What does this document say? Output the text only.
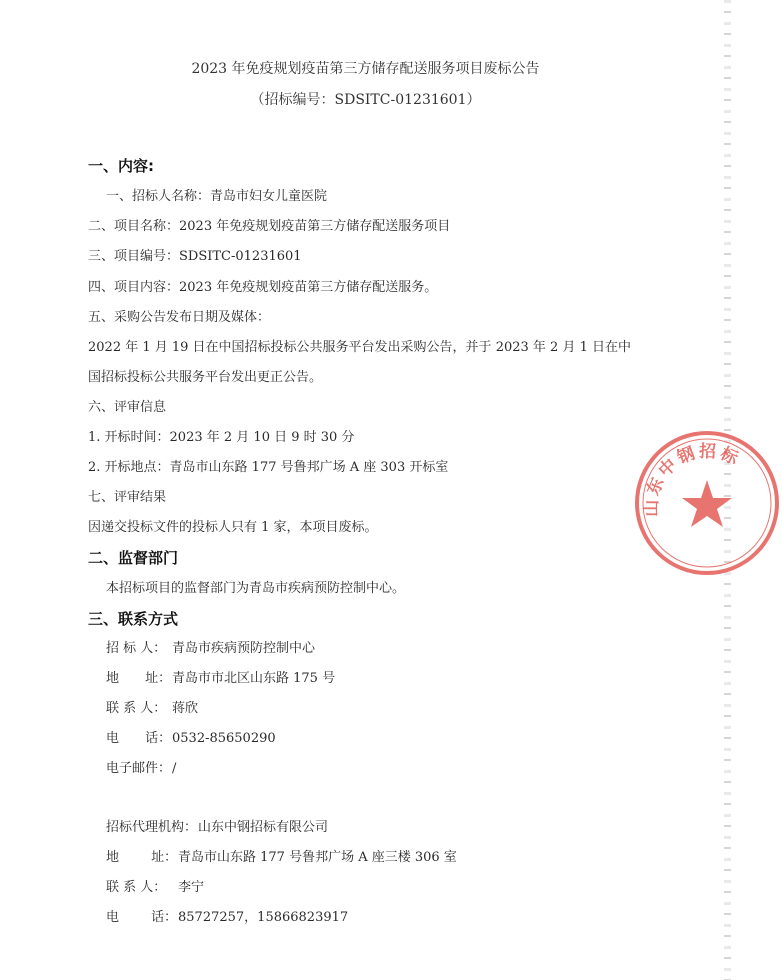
2023 年免疫规划疫苗第三方储存配送服务项目废标公告
（招标编号：SDSITC-01231601）
一、内容:
一、招标人名称：青岛市妇女儿童医院
二、项目名称：2023 年免疫规划疫苗第三方储存配送服务项目
三、项目编号：SDSITC-01231601
四、项目内容：2023 年免疫规划疫苗第三方储存配送服务。
五、采购公告发布日期及媒体：
2022 年 1 月 19 日在中国招标投标公共服务平台发出采购公告，并于 2023 年 2 月 1 日在中
国招标投标公共服务平台发出更正公告。
六、评审信息
1. 开标时间：2023 年 2 月 10 日 9 时 30 分
2. 开标地点：青岛市山东路 177 号鲁邦广场 A 座 303 开标室
七、评审结果
因递交投标文件的投标人只有 1 家，本项目废标。
二、监督部门
本招标项目的监督部门为青岛市疾病预防控制中心。
三、联系方式
招 标 人： 青岛市疾病预防控制中心
地 址： 青岛市市北区山东路 175 号
联 系 人： 蒋欣
电 话： 0532-85650290
电子邮件： /
招标代理机构： 山东中钢招标有限公司
地 址： 青岛市山东路 177 号鲁邦广场 A 座三楼 306 室
联 系 人： 李宁
电 话： 85727257，15866823917
山东中钢招标
